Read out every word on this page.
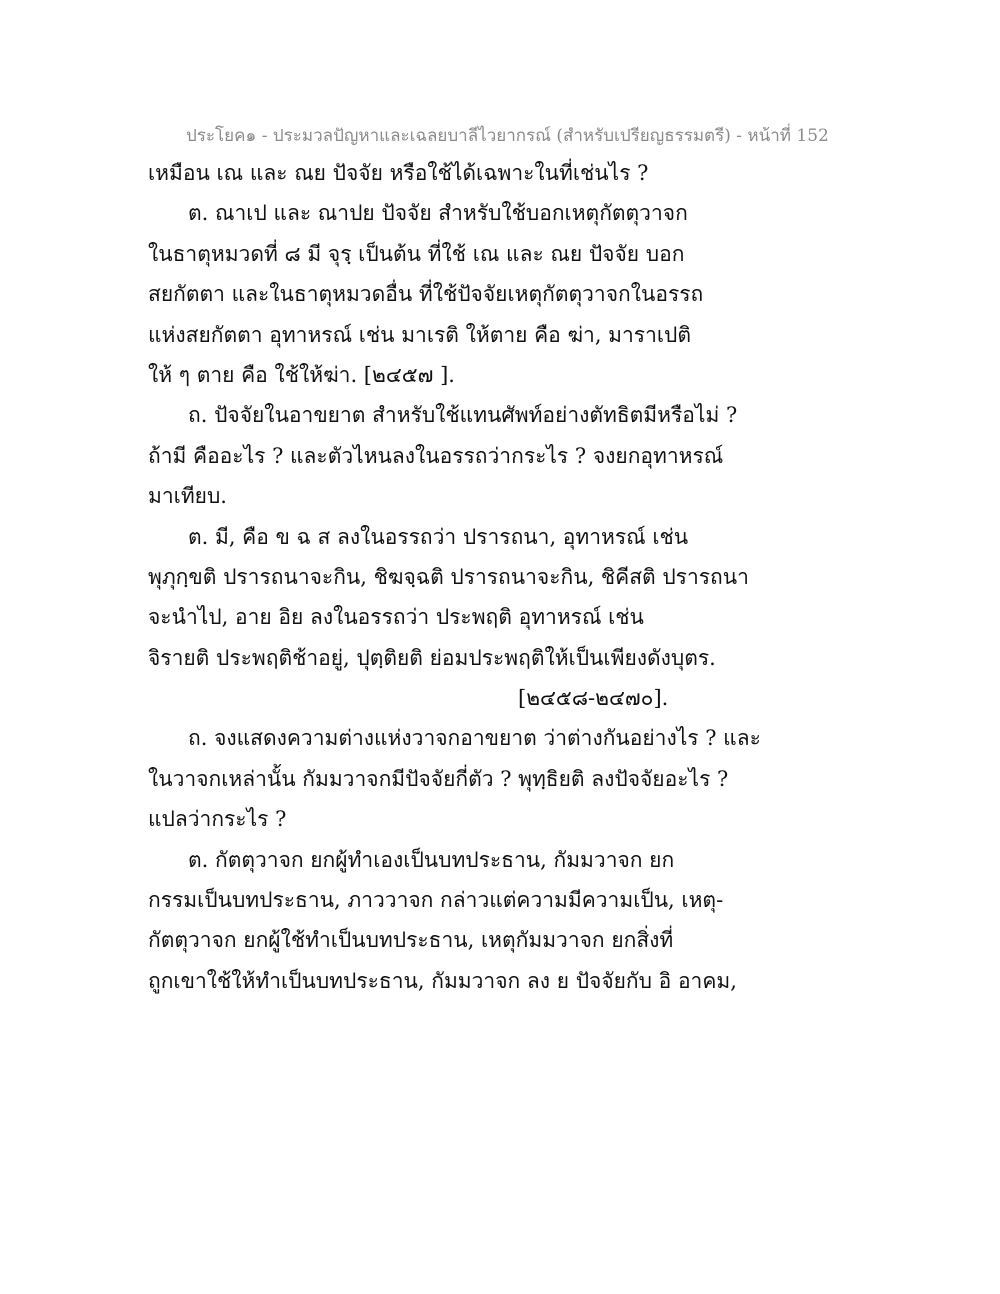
ประโยค๑ - ประมวลปัญหาและเฉลยบาลีไวยากรณ์ (สำหรับเปรียญธรรมตรี) - หน้าที่ 152
เหมือน เณ และ ณย ปัจจัย หรือใช้ได้เฉพาะในที่เช่นไร ?
ต. ณาเป และ ณาปย ปัจจัย สำหรับใช้บอกเหตุกัตตุวาจก
ในธาตุหมวดที่ ๘ มี จุรฺ เป็นต้น ที่ใช้ เณ และ ณย ปัจจัย บอก
สยกัตตา และในธาตุหมวดอื่น ที่ใช้ปัจจัยเหตุกัตตุวาจกในอรรถ
แห่งสยกัตตา อุทาหรณ์ เช่น มาเรติ ให้ตาย คือ ฆ่า, มาราเปติ
ให้ ๆ ตาย คือ ใช้ให้ฆ่า. [๒๔๕๗ ].
ถ. ปัจจัยในอาขยาต สำหรับใช้แทนศัพท์อย่างตัทธิตมีหรือไม่ ?
ถ้ามี คืออะไร ? และตัวไหนลงในอรรถว่ากระไร ? จงยกอุทาหรณ์
มาเทียบ.
ต. มี, คือ ข ฉ ส ลงในอรรถว่า ปรารถนา, อุทาหรณ์ เช่น
พุภุกฺขติ ปรารถนาจะกิน, ชิฆจฺฉติ ปรารถนาจะกิน, ชิคีสติ ปรารถนา
จะนำไป, อาย อิย ลงในอรรถว่า ประพฤติ อุทาหรณ์ เช่น
จิรายติ ประพฤติช้าอยู่, ปุตฺติยติ ย่อมประพฤติให้เป็นเพียงดังบุตร.
[๒๔๕๘-๒๔๗๐].
ถ. จงแสดงความต่างแห่งวาจกอาขยาต ว่าต่างกันอย่างไร ? และ
ในวาจกเหล่านั้น กัมมวาจกมีปัจจัยกี่ตัว ? พุทฺธิยติ ลงปัจจัยอะไร ?
แปลว่ากระไร ?
ต. กัตตุวาจก ยกผู้ทำเองเป็นบทประธาน, กัมมวาจก ยก
กรรมเป็นบทประธาน, ภาววาจก กล่าวแต่ความมีความเป็น, เหตุ-
กัตตุวาจก ยกผู้ใช้ทำเป็นบทประธาน, เหตุกัมมวาจก ยกสิ่งที่
ถูกเขาใช้ให้ทำเป็นบทประธาน, กัมมวาจก ลง ย ปัจจัยกับ อิ อาคม,
